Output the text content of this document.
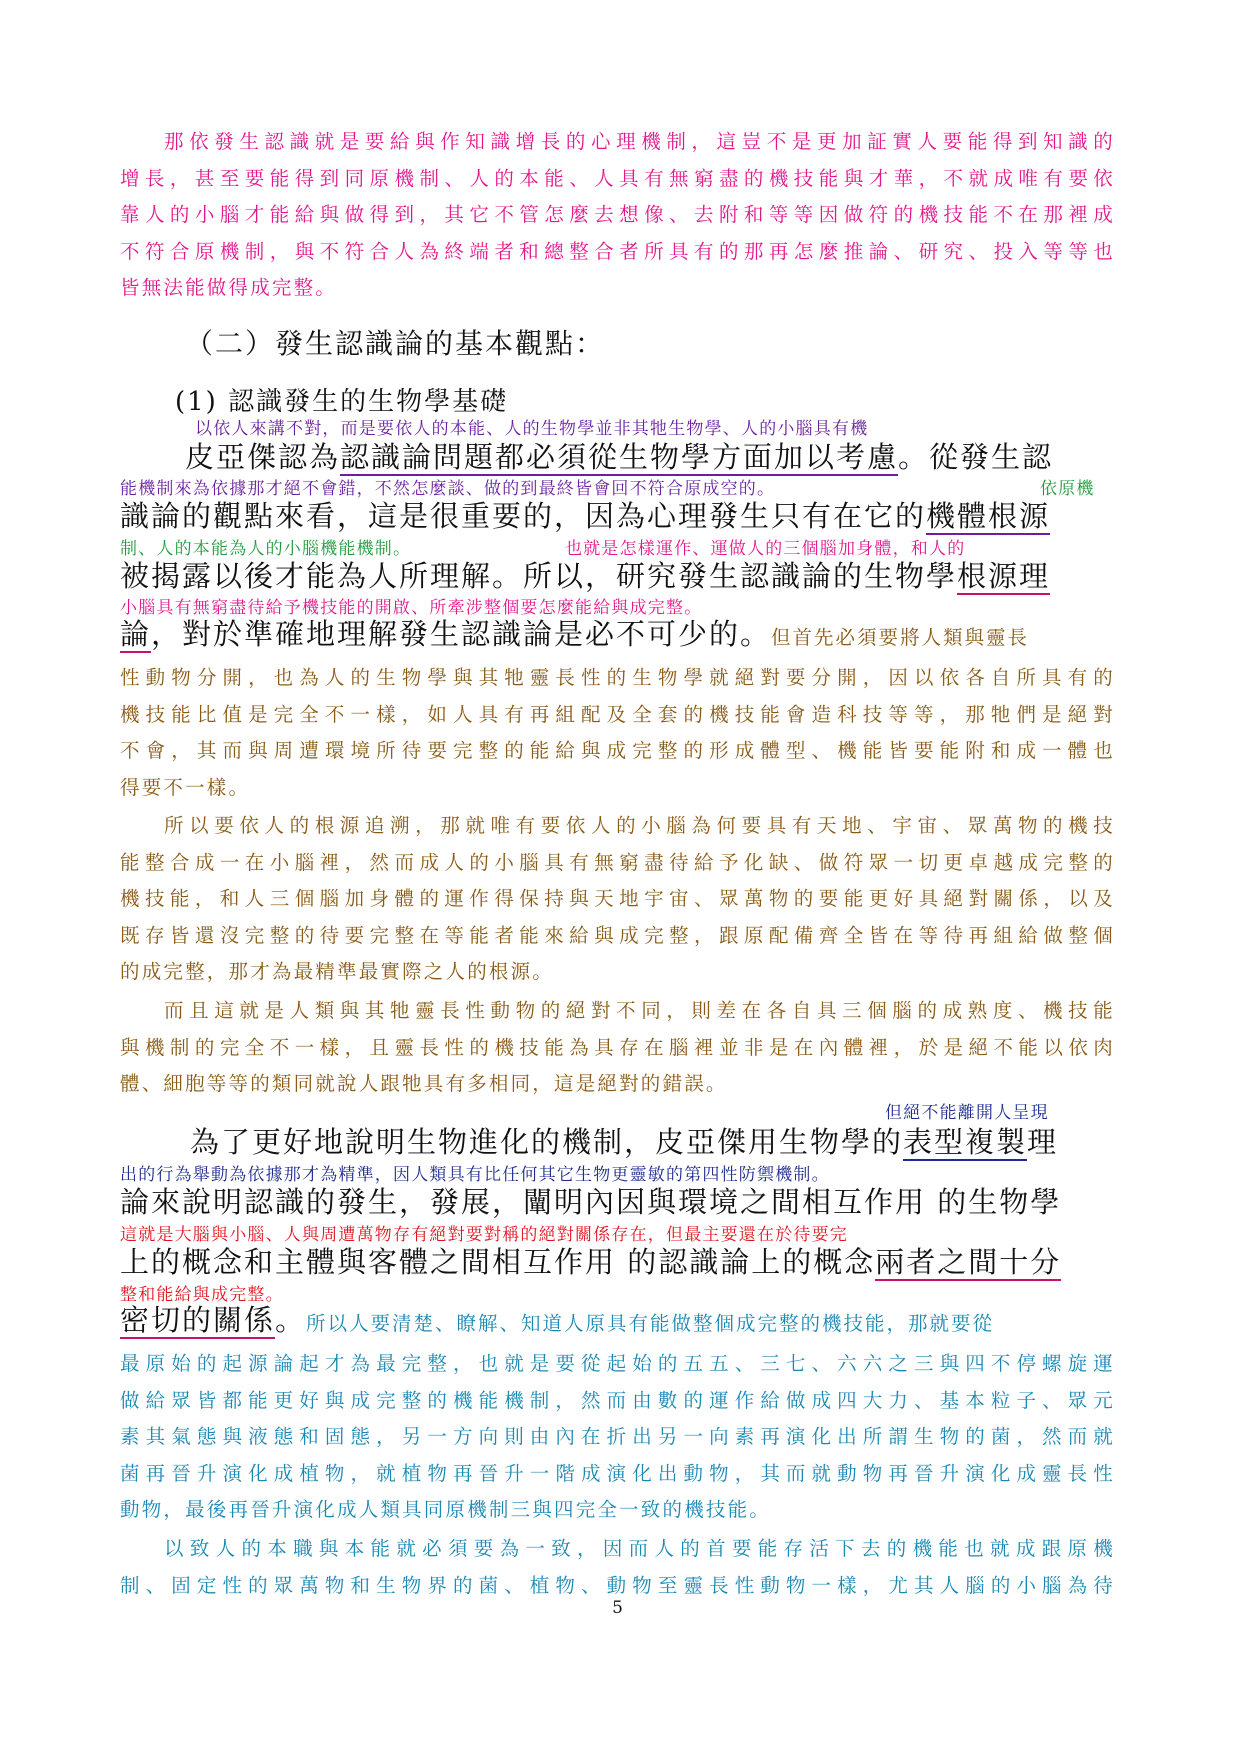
那依發生認識就是要給與作知識增長的心理機制，這豈不是更加証實人要能得到知識的
增長，甚至要能得到同原機制、人的本能、人具有無窮盡的機技能與才華，不就成唯有要依
靠人的小腦才能給與做得到，其它不管怎麼去想像、去附和等等因做符的機技能不在那裡成
不符合原機制，與不符合人為終端者和總整合者所具有的那再怎麼推論、研究、投入等等也
皆無法能做得成完整。
（二）發生認識論的基本觀點：
(1) 認識發生的生物學基礎
以依人來講不對，而是要依人的本能、人的生物學並非其牠生物學、人的小腦具有機
皮亞傑認為認識論問題都必須從生物學方面加以考慮。從發生認
能機制來為依據那才絕不會錯，不然怎麼談、做的到最終皆會回不符合原成空的。	依原機
識論的觀點來看，這是很重要的，因為心理發生只有在它的機體根源
制、人的本能為人的小腦機能機制。	也就是怎樣運作、運做人的三個腦加身體，和人的
被揭露以後才能為人所理解。所以，研究發生認識論的生物學根源理
小腦具有無窮盡待給予機技能的開啟、所牽涉整個要怎麼能給與成完整。
論，對於準確地理解發生認識論是必不可少的。但首先必須要將人類與靈長
性動物分開，也為人的生物學與其牠靈長性的生物學就絕對要分開，因以依各自所具有的
機技能比值是完全不一樣，如人具有再組配及全套的機技能會造科技等等，那牠們是絕對
不會，其而與周遭環境所待要完整的能給與成完整的形成體型、機能皆要能附和成一體也
得要不一樣。
所以要依人的根源追溯，那就唯有要依人的小腦為何要具有天地、宇宙、眾萬物的機技
能整合成一在小腦裡，然而成人的小腦具有無窮盡待給予化缺、做符眾一切更卓越成完整的
機技能，和人三個腦加身體的運作得保持與天地宇宙、眾萬物的要能更好具絕對關係，以及
既存皆還沒完整的待要完整在等能者能來給與成完整，跟原配備齊全皆在等待再組給做整個
的成完整，那才為最精準最實際之人的根源。
而且這就是人類與其牠靈長性動物的絕對不同，則差在各自具三個腦的成熟度、機技能
與機制的完全不一樣，且靈長性的機技能為具存在腦裡並非是在內體裡，於是絕不能以依肉
體、細胞等等的類同就說人跟牠具有多相同，這是絕對的錯誤。
但絕不能離開人呈現
為了更好地說明生物進化的機制，皮亞傑用生物學的表型複製理
出的行為舉動為依據那才為精準，因人類具有比任何其它生物更靈敏的第四性防禦機制。
論來說明認識的發生，發展，闡明內因與環境之間相互作用 的生物學
這就是大腦與小腦、人與周遭萬物存有絕對要對稱的絕對關係存在，但最主要還在於待要完
上的概念和主體與客體之間相互作用 的認識論上的概念兩者之間十分
整和能給與成完整。
密切的關係。所以人要清楚、瞭解、知道人原具有能做整個成完整的機技能，那就要從
最原始的起源論起才為最完整，也就是要從起始的五五、三七、六六之三與四不停螺旋運
做給眾皆都能更好與成完整的機能機制，然而由數的運作給做成四大力、基本粒子、眾元
素其氣態與液態和固態，另一方向則由內在折出另一向素再演化出所謂生物的菌，然而就
菌再晉升演化成植物，就植物再晉升一階成演化出動物，其而就動物再晉升演化成靈長性
動物，最後再晉升演化成人類具同原機制三與四完全一致的機技能。
以致人的本職與本能就必須要為一致，因而人的首要能存活下去的機能也就成跟原機
制、固定性的眾萬物和生物界的菌、植物、動物至靈長性動物一樣，尤其人腦的小腦為待
5
